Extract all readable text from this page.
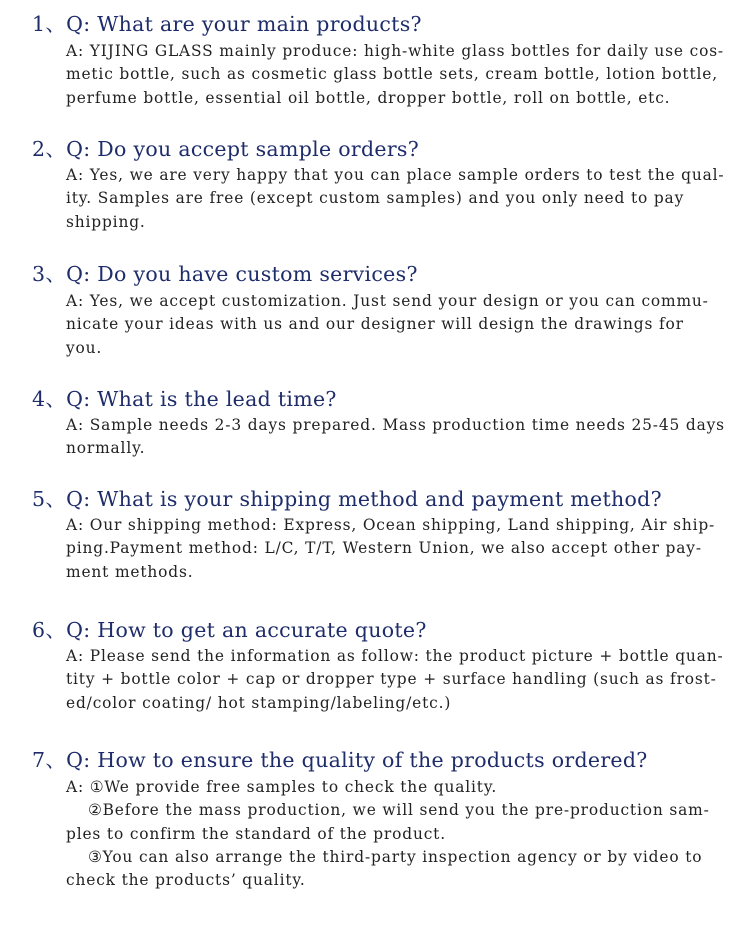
1、Q: What are your main products?
A: YIJING GLASS mainly produce: high-white glass bottles for daily use cos-
metic bottle, such as cosmetic glass bottle sets, cream bottle, lotion bottle,
perfume bottle, essential oil bottle, dropper bottle, roll on bottle, etc.
2、Q: Do you accept sample orders?
A: Yes, we are very happy that you can place sample orders to test the qual-
ity. Samples are free (except custom samples) and you only need to pay
shipping.
3、Q: Do you have custom services?
A: Yes, we accept customization. Just send your design or you can commu-
nicate your ideas with us and our designer will design the drawings for
you.
4、Q: What is the lead time?
A: Sample needs 2-3 days prepared. Mass production time needs 25-45 days
normally.
5、Q: What is your shipping method and payment method?
A: Our shipping method: Express, Ocean shipping, Land shipping, Air ship-
ping.Payment method: L/C, T/T, Western Union, we also accept other pay-
ment methods.
6、Q: How to get an accurate quote?
A: Please send the information as follow: the product picture + bottle quan-
tity + bottle color + cap or dropper type + surface handling (such as frost-
ed/color coating/ hot stamping/labeling/etc.)
7、Q: How to ensure the quality of the products ordered?
A: ①We provide free samples to check the quality.
②Before the mass production, we will send you the pre-production sam-
ples to confirm the standard of the product.
③You can also arrange the third-party inspection agency or by video to
check the products’ quality.
